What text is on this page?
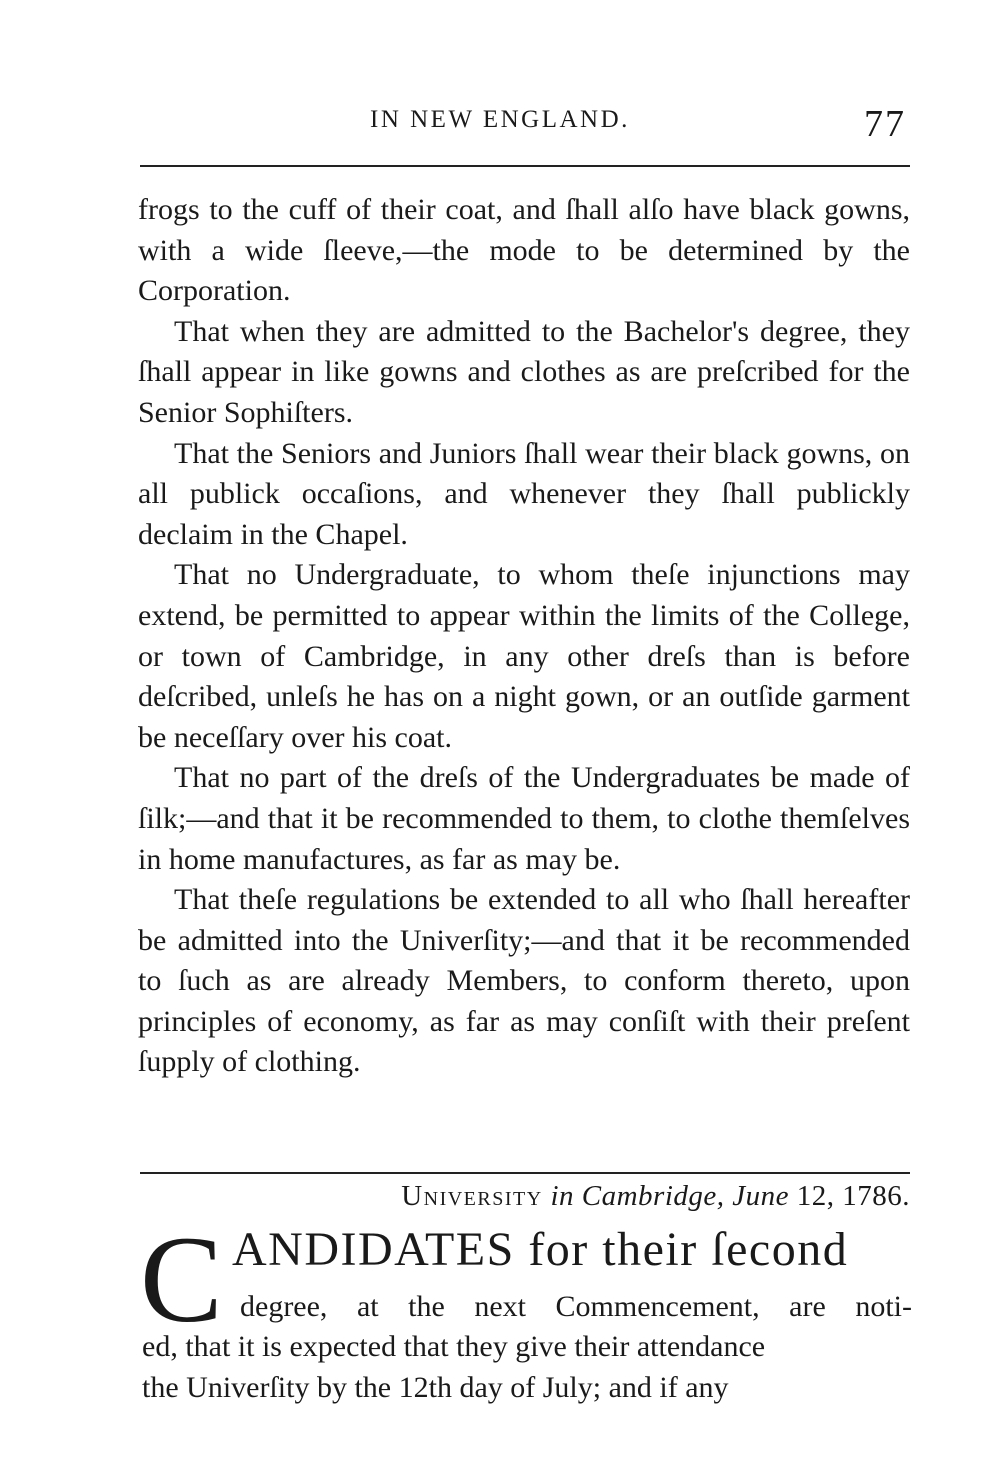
IN NEW ENGLAND.	77

frogs to the cuff of their coat, and ſhall alſo have black gowns, with a wide ſleeve,—the mode to be determined by the Corporation.

That when they are admitted to the Bachelor's degree, they ſhall appear in like gowns and clothes as are preſcribed for the Senior Sophiſters.

That the Seniors and Juniors ſhall wear their black gowns, on all publick occaſions, and whenever they ſhall publickly declaim in the Chapel.

That no Undergraduate, to whom theſe injunctions may extend, be permitted to appear within the limits of the College, or town of Cambridge, in any other dreſs than is before deſcribed, unleſs he has on a night gown, or an outſide garment be neceſſary over his coat.

That no part of the dreſs of the Undergraduates be made of ſilk;—and that it be recommended to them, to clothe themſelves in home manufactures, as far as may be.

That theſe regulations be extended to all who ſhall hereafter be admitted into the Univerſity;—and that it be recommended to ſuch as are already Members, to conform thereto, upon principles of economy, as far as may conſiſt with their preſent ſupply of clothing.

University in Cambridge, June 12, 1786.
C ANDIDATES for their ſecond
degree, at the next Commencement, are noti-

ed, that it is expected that they give their attendance

the Univerſity by the 12th day of July; and if any
